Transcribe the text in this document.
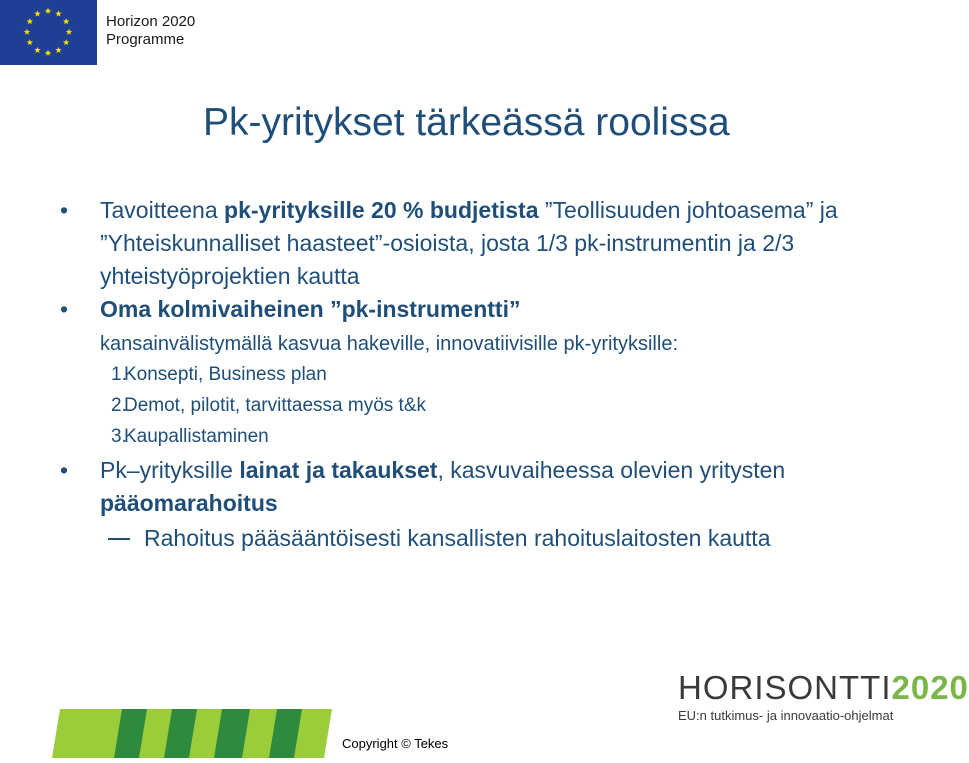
Horizon 2020
Programme
Pk-yritykset tärkeässä roolissa
• Tavoitteena pk-yrityksille 20 % budjetista ”Teollisuuden johtoasema” ja ”Yhteiskunnalliset haasteet”-osioista, josta 1/3 pk-instrumentin ja 2/3 yhteistyöprojektien kautta
• Oma kolmivaiheinen ”pk-instrumentti”
kansainvälistymällä kasvua hakeville, innovatiivisille pk-yrityksille:
1.
Konsepti, Business plan
2.
Demot, pilotit, tarvittaessa myös t&k
3.
Kaupallistaminen
• Pk–yrityksille lainat ja takaukset, kasvuvaiheessa olevien yritysten pääomarahoitus
Rahoitus pääsääntöisesti kansallisten rahoituslaitosten kautta
HORISONTTI2020
EU:n tutkimus- ja innovaatio-ohjelmat
Copyright © Tekes
